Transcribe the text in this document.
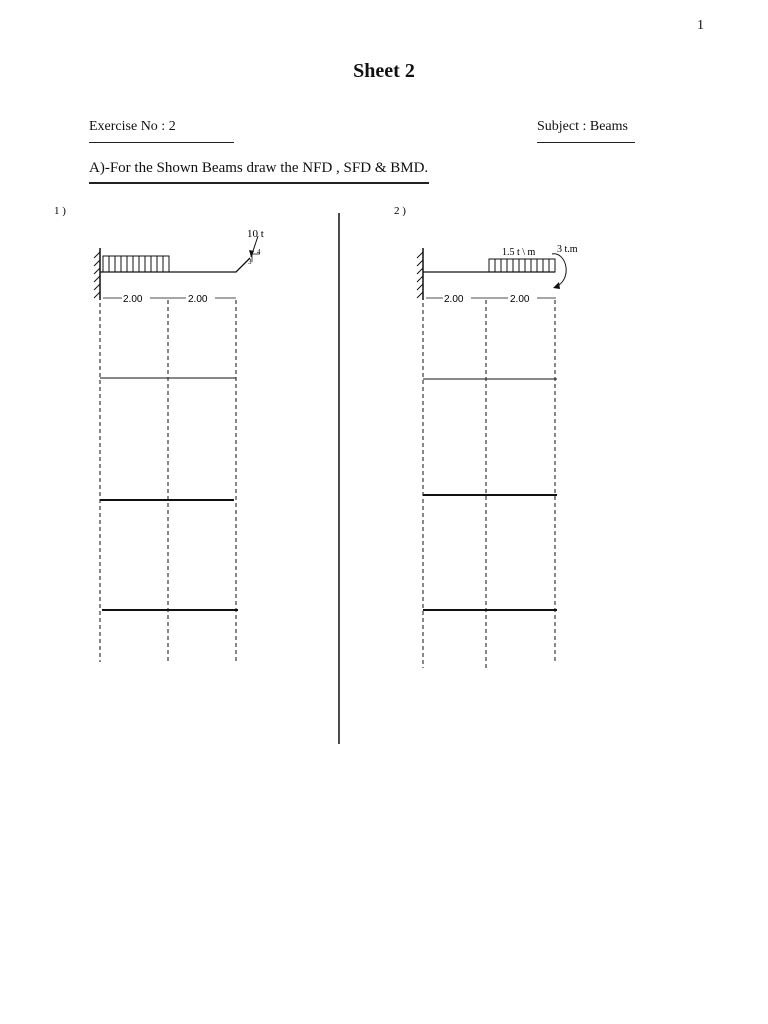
1
Sheet 2
Exercise No : 2	Subject : Beams
A)-For the Shown Beams draw the NFD , SFD & BMD.
1 )
10 t
4
3
2.00	2.00
2 )
1.5 t \ m 3 t.m
2.00	2.00
